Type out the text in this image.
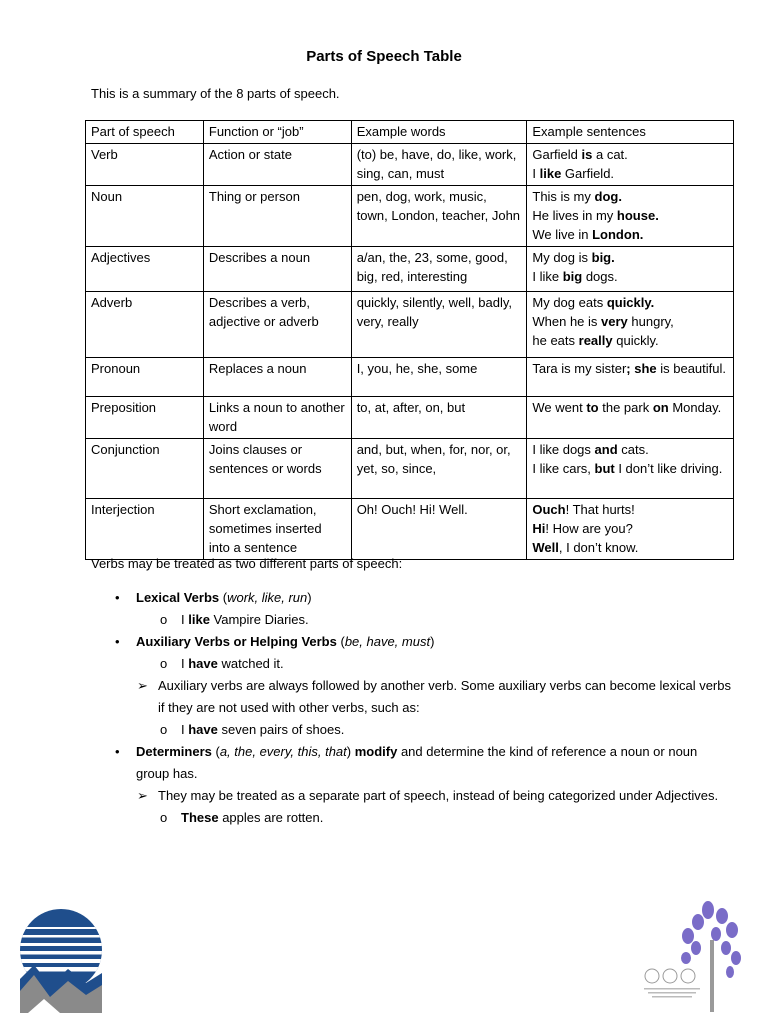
Parts of Speech Table
This is a summary of the 8 parts of speech.
Part of speech	Function or “job”	Example words	Example sentences
Verb	Action or state	(to) be, have, do, like, work, sing, can, must	Garfield is a cat.
I like Garfield.

Noun	Thing or person	pen, dog, work, music, town, London, teacher, John	This is my dog.
He lives in my house.
We live in London.

Adjectives	Describes a noun	a/an, the, 23, some, good, big, red, interesting	My dog is big.
I like big dogs.

Adverb	Describes a verb, adjective or adverb	quickly, silently, well, badly, very, really	My dog eats quickly.
When he is very hungry,
he eats really quickly.

Pronoun	Replaces a noun	I, you, he, she, some	Tara is my sister; she is beautiful.

Preposition	Links a noun to another word	to, at, after, on, but	We went to the park on Monday.

Conjunction	Joins clauses or sentences or words	and, but, when, for, nor, or, yet, so, since,	I like dogs and cats.
I like cars, but I don’t like driving.

Interjection	Short exclamation, sometimes inserted into a sentence	Oh! Ouch! Hi! Well.	Ouch! That hurts!
Hi! How are you?
Well, I don’t know.

Verbs may be treated as two different parts of speech:

• Lexical Verbs (work, like, run)
o I like Vampire Diaries.
• Auxiliary Verbs or Helping Verbs (be, have, must)
o I have watched it.
➢ Auxiliary verbs are always followed by another verb. Some auxiliary verbs can become lexical verbs if they are not used with other verbs, such as:
o I have seven pairs of shoes.
• Determiners (a, the, every, this, that) modify and determine the kind of reference a noun or noun group has.
➢ They may be treated as a separate part of speech, instead of being categorized under Adjectives.
o These apples are rotten.
